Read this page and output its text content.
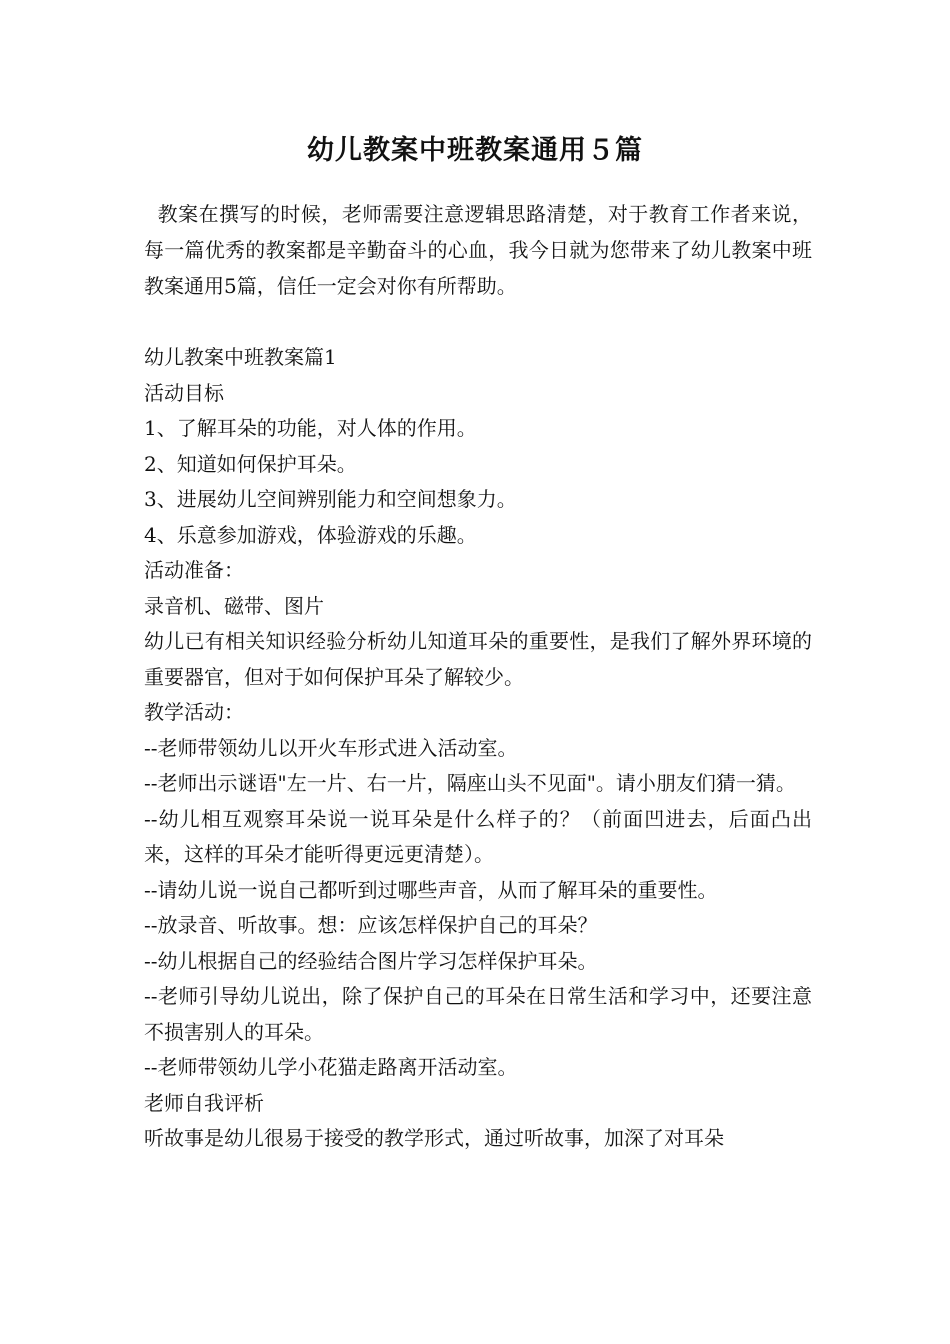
幼儿教案中班教案通用５篇

教案在撰写的时候，老师需要注意逻辑思路清楚，对于教育工作者来说，每一篇优秀的教案都是辛勤奋斗的心血，我今日就为您带来了幼儿教案中班教案通用5篇，信任一定会对你有所帮助。

幼儿教案中班教案篇1

活动目标

1、了解耳朵的功能，对人体的作用。

2、知道如何保护耳朵。

3、进展幼儿空间辨别能力和空间想象力。

4、乐意参加游戏，体验游戏的乐趣。

活动准备：

录音机、磁带、图片

幼儿已有相关知识经验分析幼儿知道耳朵的重要性，是我们了解外界环境的重要器官，但对于如何保护耳朵了解较少。

教学活动：

--老师带领幼儿以开火车形式进入活动室。

--老师出示谜语"左一片、右一片，隔座山头不见面"。请小朋友们猜一猜。

--幼儿相互观察耳朵说一说耳朵是什么样子的？（前面凹进去，后面凸出来，这样的耳朵才能听得更远更清楚）。

--请幼儿说一说自己都听到过哪些声音，从而了解耳朵的重要性。

--放录音、听故事。想：应该怎样保护自己的耳朵？

--幼儿根据自己的经验结合图片学习怎样保护耳朵。

--老师引导幼儿说出，除了保护自己的耳朵在日常生活和学习中，还要注意不损害别人的耳朵。

--老师带领幼儿学小花猫走路离开活动室。

老师自我评析

听故事是幼儿很易于接受的教学形式，通过听故事，加深了对耳朵
